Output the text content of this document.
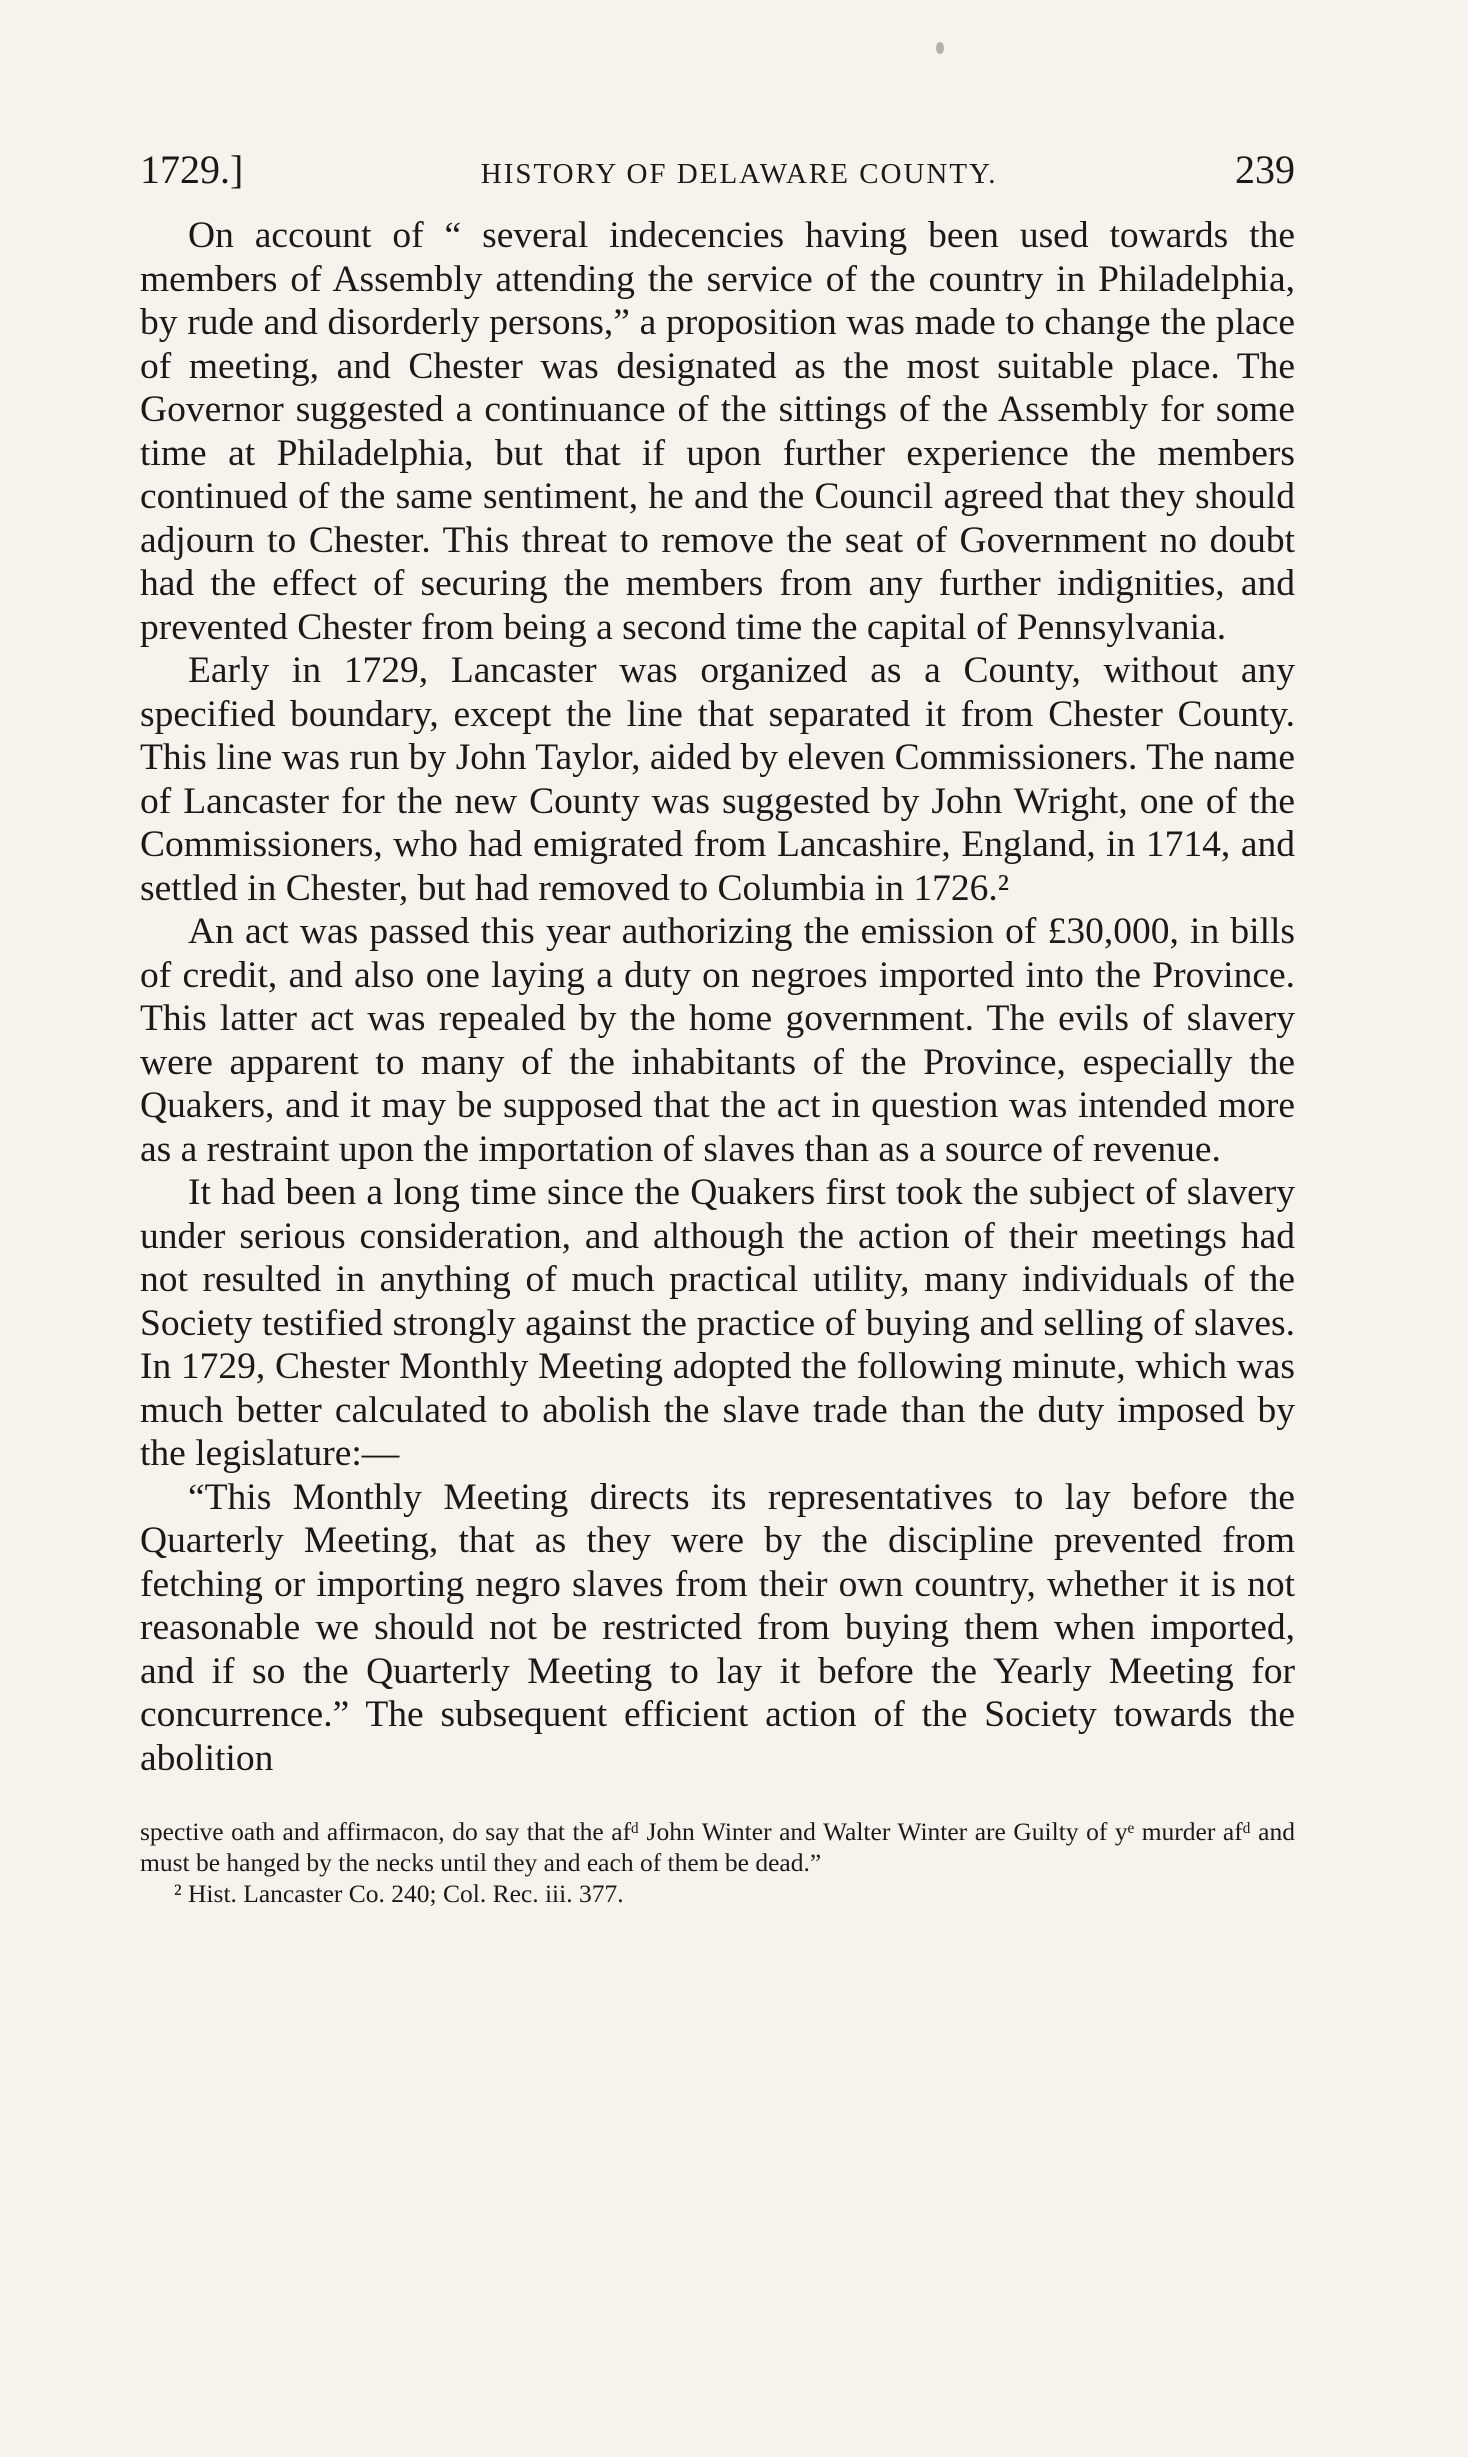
1729.]	HISTORY OF DELAWARE COUNTY.	239

On account of “ several indecencies having been used towards the members of Assembly attending the service of the country in Philadelphia, by rude and disorderly persons,” a proposition was made to change the place of meeting, and Chester was designated as the most suitable place. The Governor suggested a continuance of the sittings of the Assembly for some time at Philadelphia, but that if upon further experience the members continued of the same sentiment, he and the Council agreed that they should adjourn to Chester. This threat to remove the seat of Government no doubt had the effect of securing the members from any further indignities, and prevented Chester from being a second time the capital of Pennsylvania.

Early in 1729, Lancaster was organized as a County, without any specified boundary, except the line that separated it from Chester County. This line was run by John Taylor, aided by eleven Commissioners. The name of Lancaster for the new County was suggested by John Wright, one of the Commissioners, who had emigrated from Lancashire, England, in 1714, and settled in Chester, but had removed to Columbia in 1726.²

An act was passed this year authorizing the emission of £30,000, in bills of credit, and also one laying a duty on negroes imported into the Province. This latter act was repealed by the home government. The evils of slavery were apparent to many of the inhabitants of the Province, especially the Quakers, and it may be supposed that the act in question was intended more as a restraint upon the importation of slaves than as a source of revenue.

It had been a long time since the Quakers first took the subject of slavery under serious consideration, and although the action of their meetings had not resulted in anything of much practical utility, many individuals of the Society testified strongly against the practice of buying and selling of slaves. In 1729, Chester Monthly Meeting adopted the following minute, which was much better calculated to abolish the slave trade than the duty imposed by the legislature:—

“This Monthly Meeting directs its representatives to lay before the Quarterly Meeting, that as they were by the discipline prevented from fetching or importing negro slaves from their own country, whether it is not reasonable we should not be restricted from buying them when imported, and if so the Quarterly Meeting to lay it before the Yearly Meeting for concurrence.” The subsequent efficient action of the Society towards the abolition

spective oath and affirmacon, do say that the afᵈ John Winter and Walter Winter are Guilty of yᵉ murder afᵈ and must be hanged by the necks until they and each of them be dead.”

² Hist. Lancaster Co. 240; Col. Rec. iii. 377.
